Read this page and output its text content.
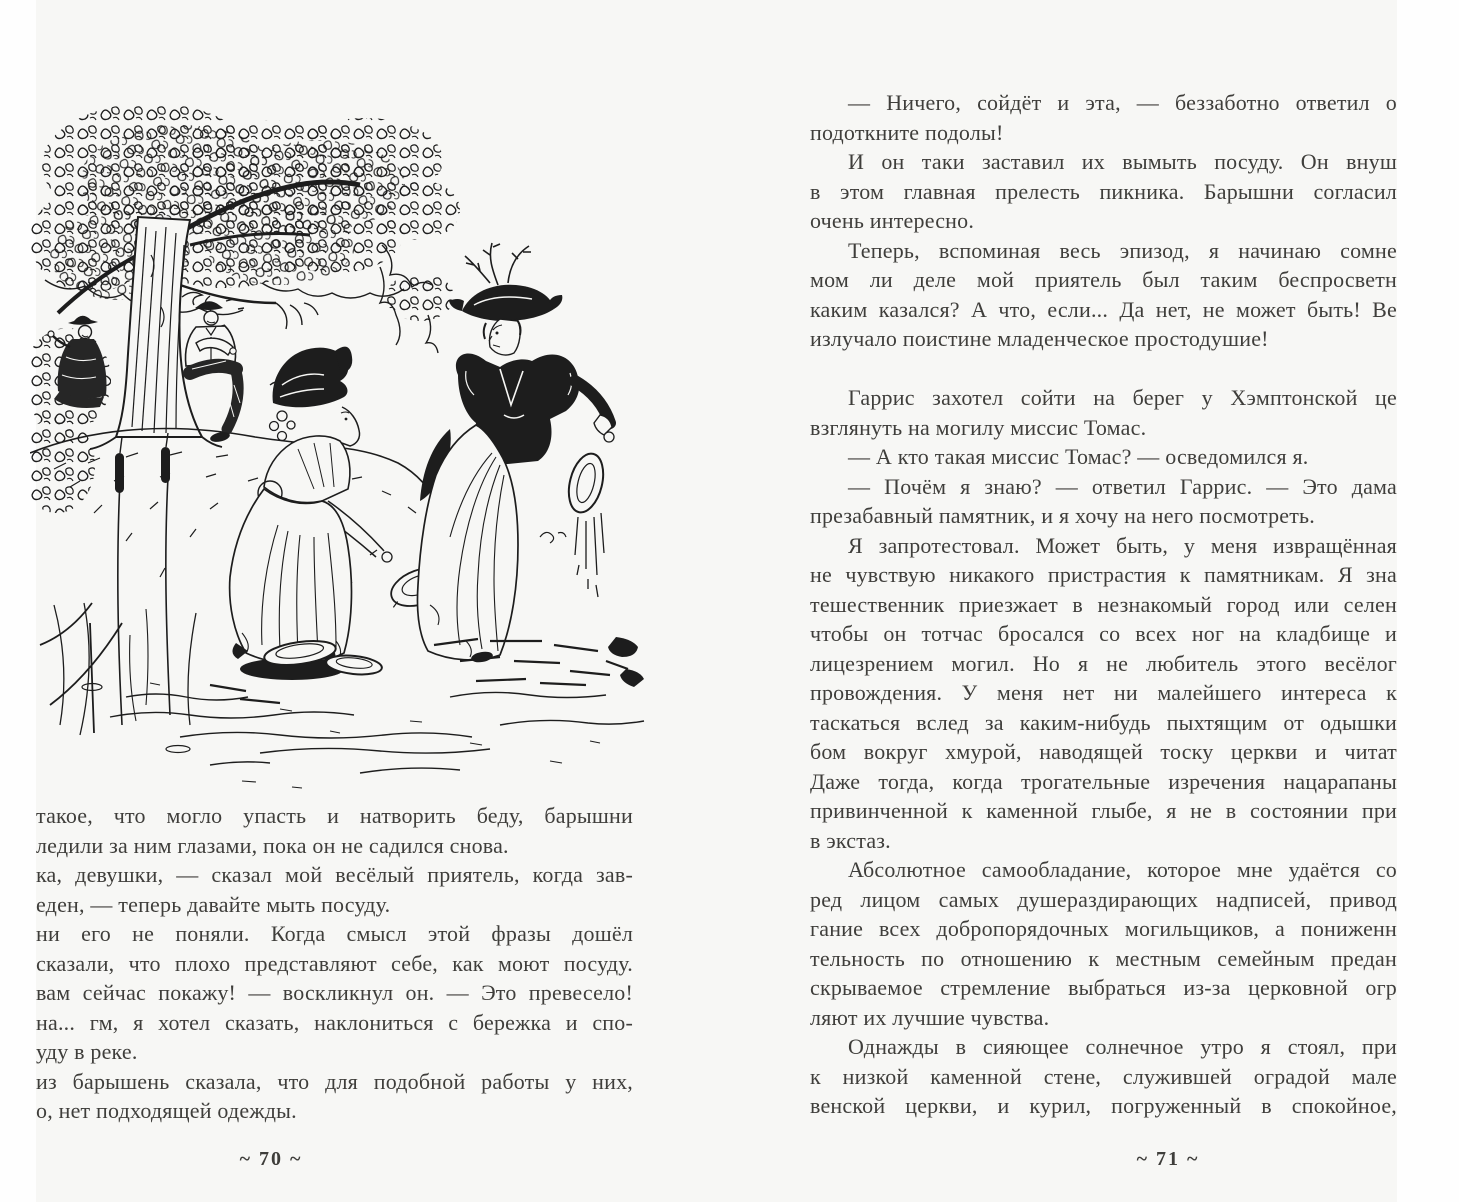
такое, что могло упасть и натворить беду, барышни
ледили за ним глазами, пока он не садился снова.
ка, девушки, — сказал мой весёлый приятель, когда зав-
еден, — теперь давайте мыть посуду.
ни его не поняли. Когда смысл этой фразы дошёл
сказали, что плохо представляют себе, как моют посуду.
вам сейчас покажу! — воскликнул он. — Это превесело!
на... гм, я хотел сказать, наклониться с бережка и спо-
уду в реке.
из барышень сказала, что для подобной работы у них,
о, нет подходящей одежды.
~ 70 ~
— Ничего, сойдёт и эта, — беззаботно ответил о
подоткните подолы!
И он таки заставил их вымыть посуду. Он внуш
в этом главная прелесть пикника. Барышни согласил
очень интересно.
Теперь, вспоминая весь эпизод, я начинаю сомне
мом ли деле мой приятель был таким беспросветн
каким казался? А что, если... Да нет, не может быть! Ве
излучало поистине младенческое простодушие!
Гаррис захотел сойти на берег у Хэмптонской це
взглянуть на могилу миссис Томас.
— А кто такая миссис Томас? — осведомился я.
— Почём я знаю? — ответил Гаррис. — Это дама
презабавный памятник, и я хочу на него посмотреть.
Я запротестовал. Может быть, у меня извращённая
не чувствую никакого пристрастия к памятникам. Я зна
тешественник приезжает в незнакомый город или селен
чтобы он тотчас бросался со всех ног на кладбище и
лицезрением могил. Но я не любитель этого весёлог
провождения. У меня нет ни малейшего интереса к
таскаться вслед за каким-нибудь пыхтящим от одышки
бом вокруг хмурой, наводящей тоску церкви и читат
Даже тогда, когда трогательные изречения нацарапаны
привинченной к каменной глыбе, я не в состоянии при
в экстаз.
Абсолютное самообладание, которое мне удаётся со
ред лицом самых душераздирающих надписей, привод
гание всех добропорядочных могильщиков, а пониженн
тельность по отношению к местным семейным предан
скрываемое стремление выбраться из-за церковной огр
ляют их лучшие чувства.
Однажды в сияющее солнечное утро я стоял, при
к низкой каменной стене, служившей оградой мале
венской церкви, и курил, погруженный в спокойное,
~ 71 ~
